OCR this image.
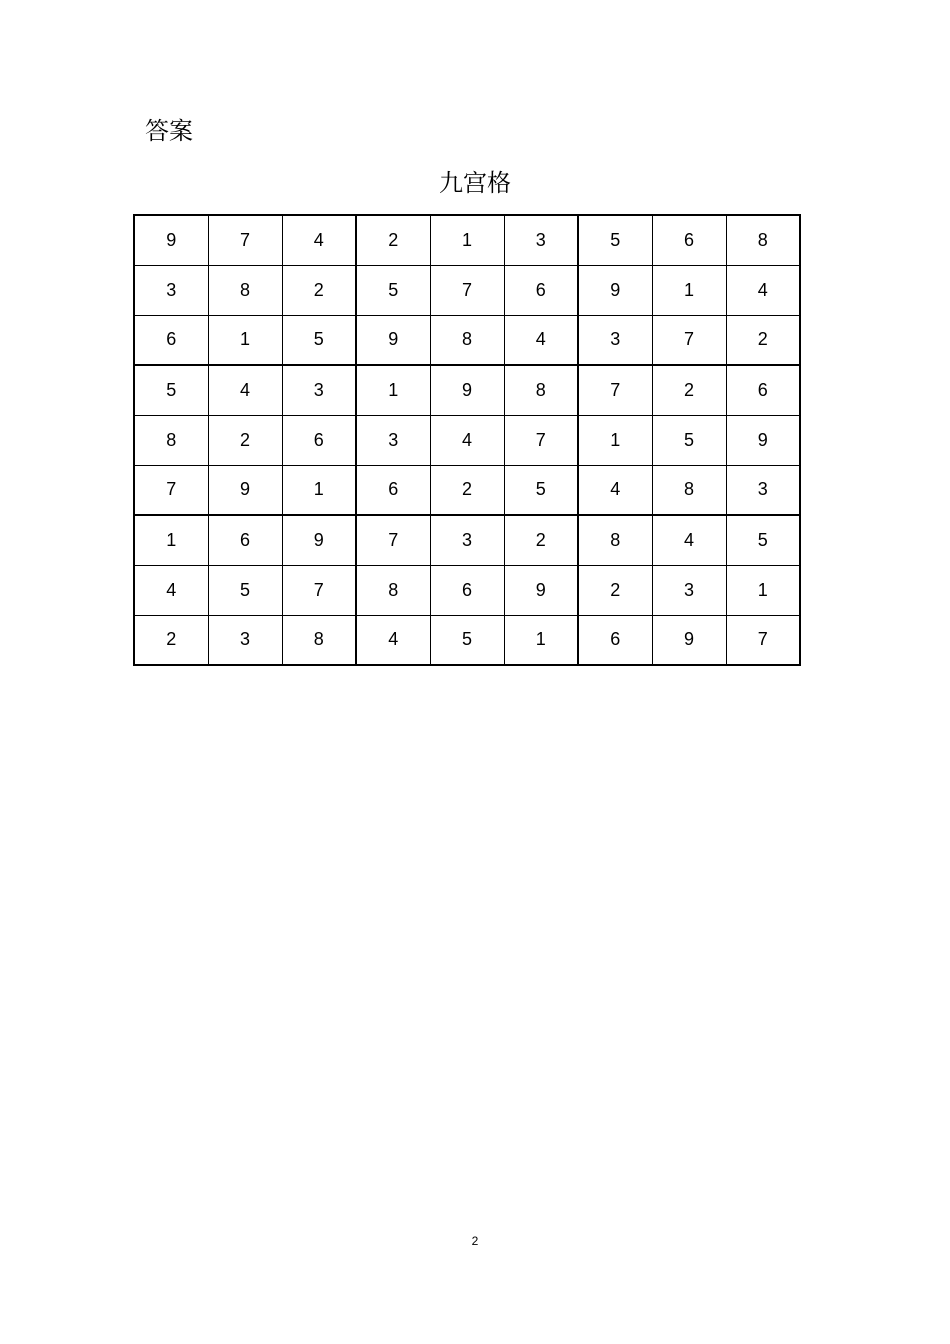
答案
九宫格
9	7	4	2	1	3	5	6	8
3	8	2	5	7	6	9	1	4
6	1	5	9	8	4	3	7	2
5	4	3	1	9	8	7	2	6
8	2	6	3	4	7	1	5	9
7	9	1	6	2	5	4	8	3
1	6	9	7	3	2	8	4	5
4	5	7	8	6	9	2	3	1
2	3	8	4	5	1	6	9	7
2
